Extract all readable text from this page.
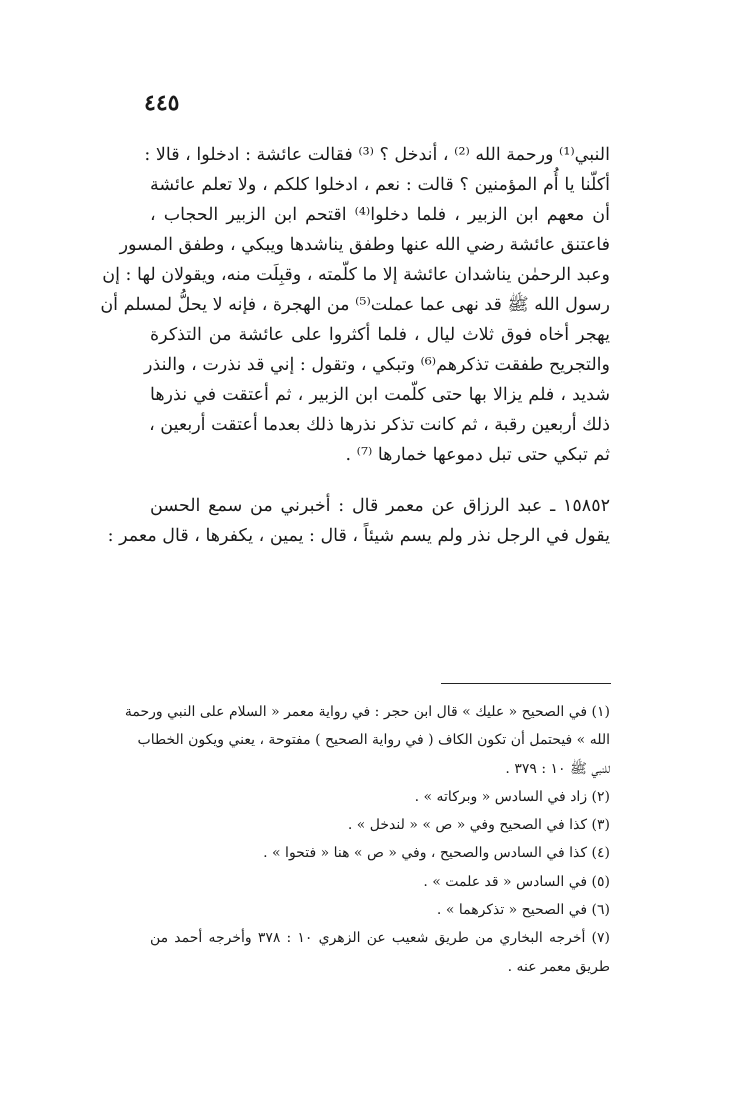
٤٤٥
النبي⁽¹⁾ ورحمة الله ⁽²⁾ ، أندخل ؟ ⁽³⁾ فقالت عائشة : ادخلوا ، قالا :
أكلّنا يا أُم المؤمنين ؟ قالت : نعم ، ادخلوا كلكم ، ولا تعلم عائشة
أن معهم ابن الزبير ، فلما دخلوا⁽⁴⁾ اقتحم ابن الزبير الحجاب ،
فاعتنق عائشة رضي الله عنها وطفق يناشدها ويبكي ، وطفق المسور
وعبد الرحمٰن يناشدان عائشة إلا ما كلّمته ، وقبِلَت منه، ويقولان لها : إن
رسول الله ﷺ قد نهى عما عملت⁽⁵⁾ من الهجرة ، فإنه لا يحلُّ لمسلم أن
يهجر أخاه فوق ثلاث ليال ، فلما أكثروا على عائشة من التذكرة
والتجريح طفقت تذكرهم⁽⁶⁾ وتبكي ، وتقول : إني قد نذرت ، والنذر
شديد ، فلم يزالا بها حتى كلّمت ابن الزبير ، ثم أعتقت في نذرها
ذلك أربعين رقبة ، ثم كانت تذكر نذرها ذلك بعدما أعتقت أربعين ،
ثم تبكي حتى تبل دموعها خمارها ⁽⁷⁾ .
١٥٨٥٢ ـ عبد الرزاق عن معمر قال : أخبرني من سمع الحسن
يقول في الرجل نذر ولم يسم شيئاً ، قال : يمين ، يكفرها ، قال معمر :
(١) في الصحيح « عليك » قال ابن حجر : في رواية معمر « السلام على النبي ورحمة
الله » فيحتمل أن تكون الكاف ( في رواية الصحيح ) مفتوحة ، يعني ويكون الخطاب
للنبي ﷺ ١٠ : ٣٧٩ .
(٢) زاد في السادس « وبركاته » .
(٣) كذا في الصحيح وفي « ص » « لندخل » .
(٤) كذا في السادس والصحيح ، وفي « ص » هنا « فتحوا » .
(٥) في السادس « قد علمت » .
(٦) في الصحيح « تذكرهما » .
(٧) أخرجه البخاري من طريق شعيب عن الزهري ١٠ : ٣٧٨ وأخرجه أحمد من
طريق معمر عنه .
